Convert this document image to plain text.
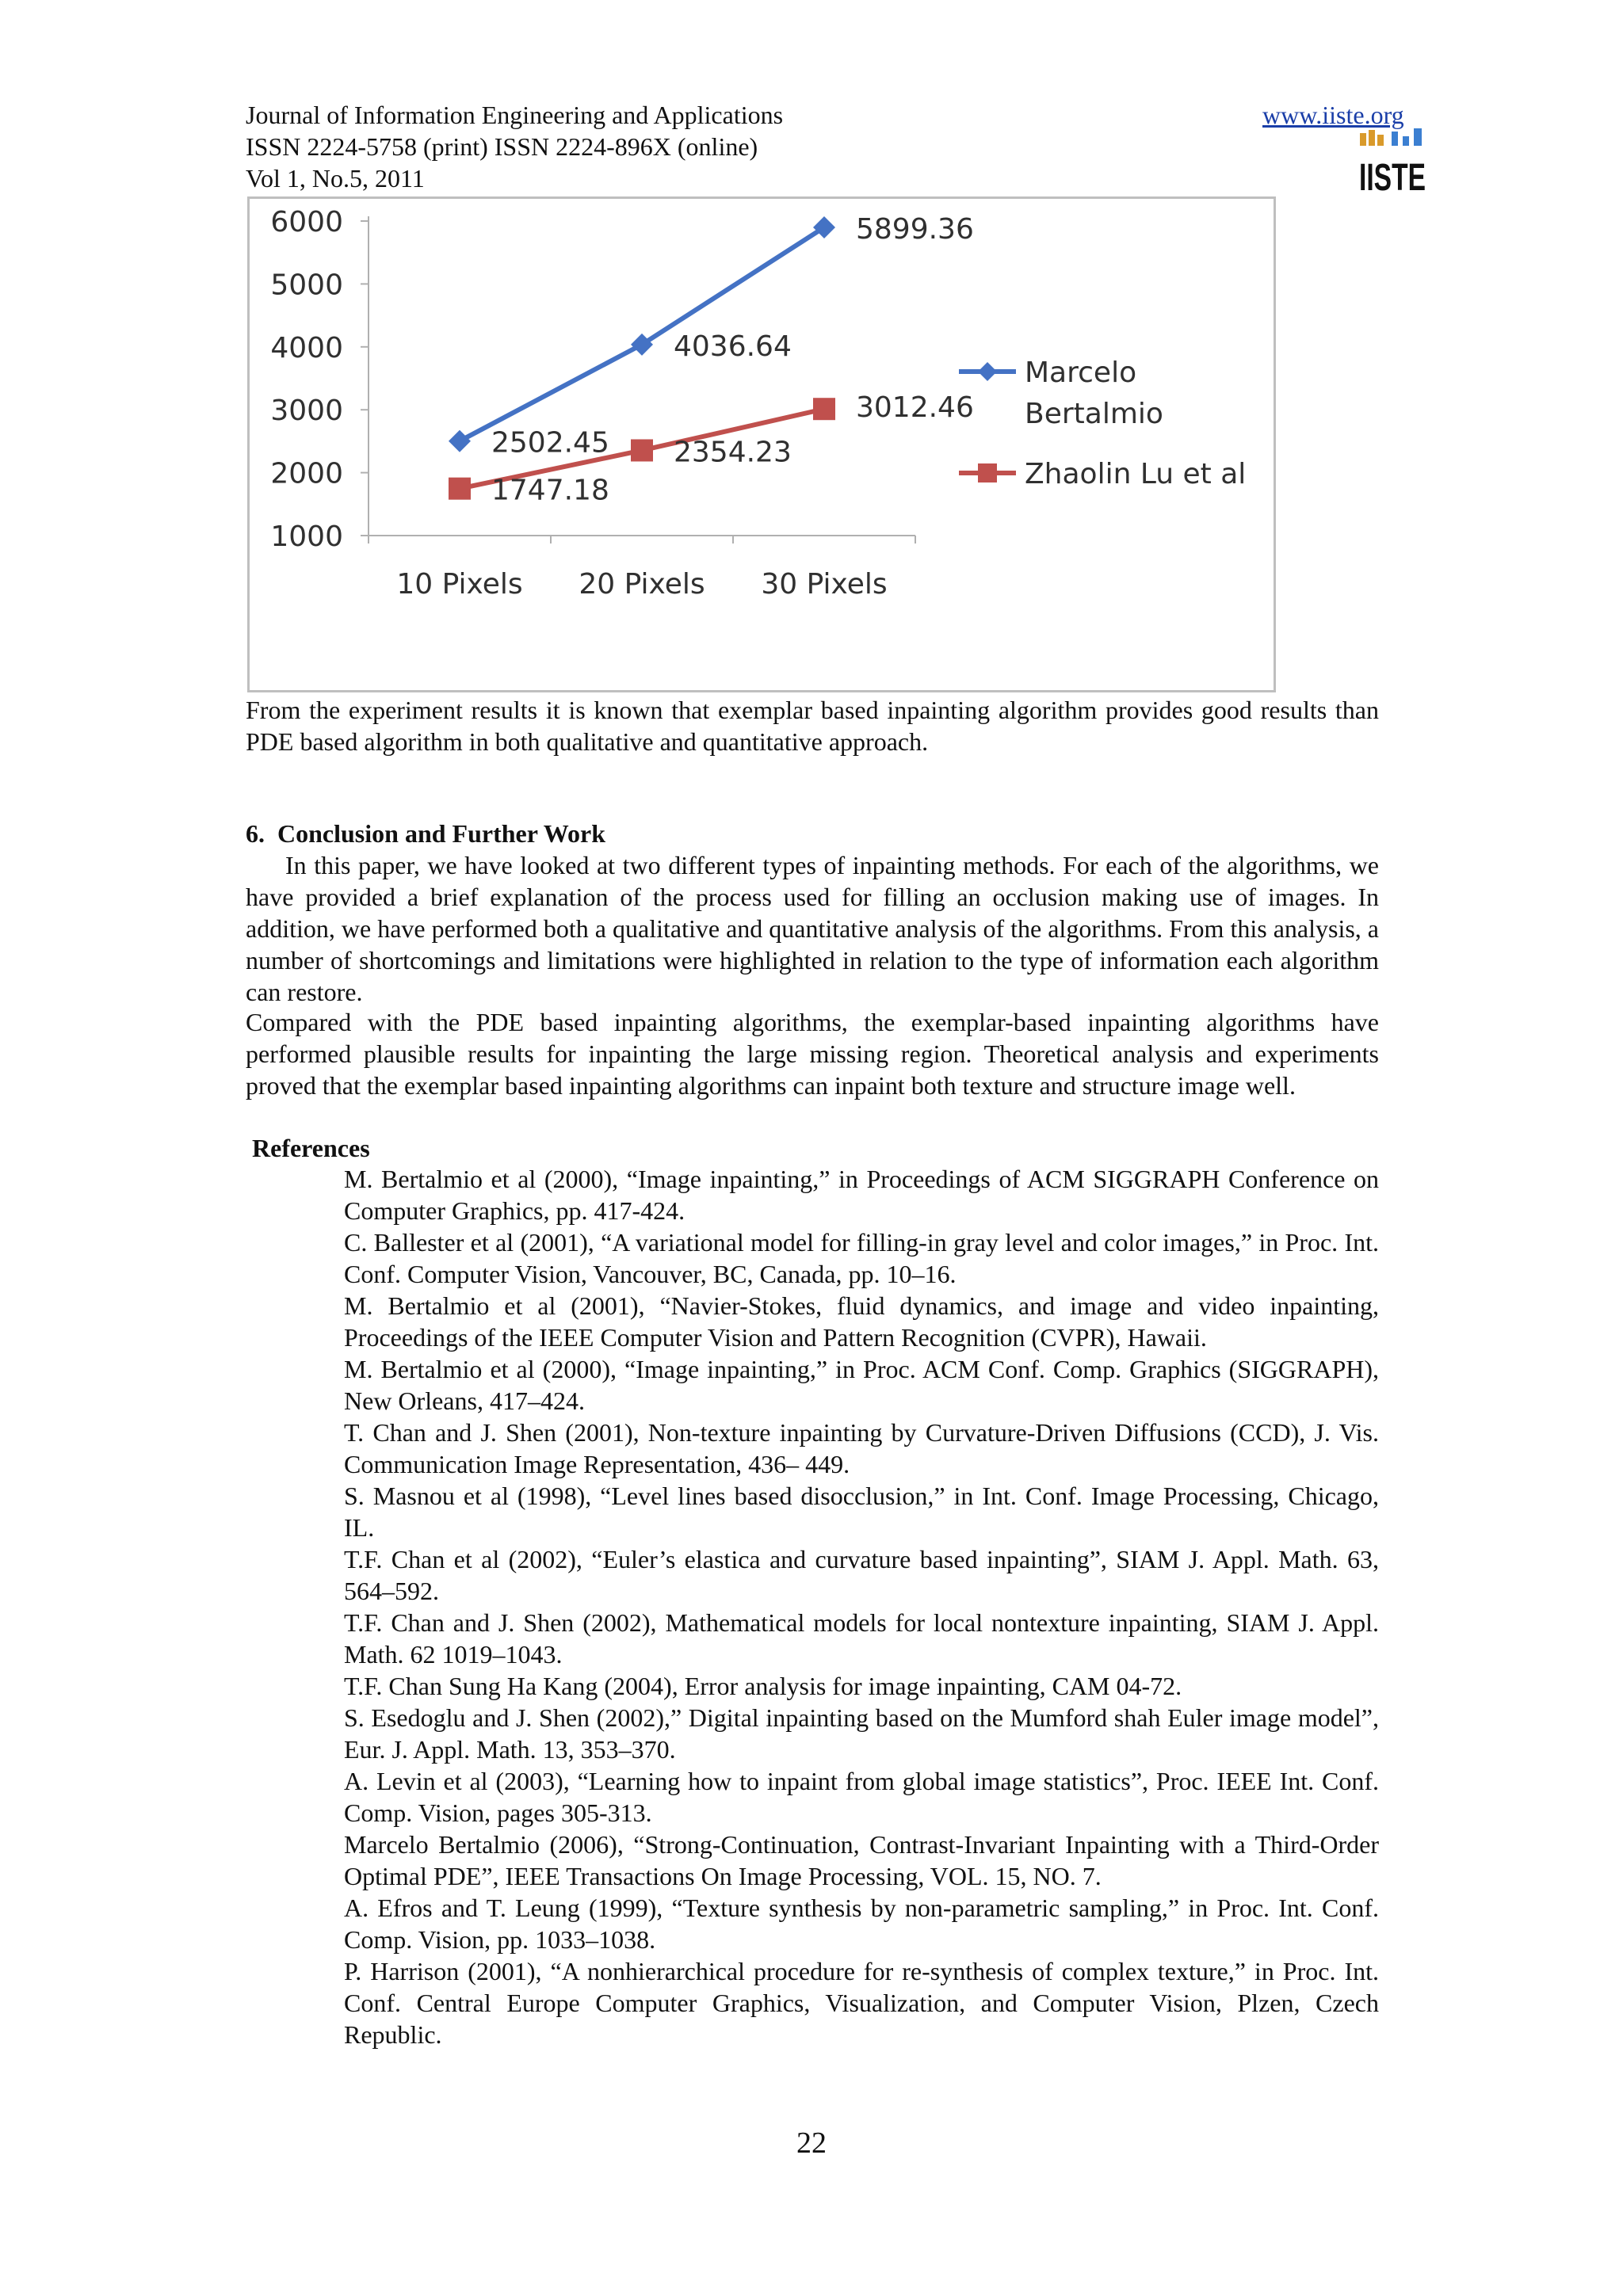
Journal of Information Engineering and Applications
ISSN 2224-5758 (print) ISSN 2224-896X (online)
Vol 1, No.5, 2011
www.iiste.org
IISTE
1000
2000
3000
4000
5000
6000
10 Pixels 20 Pixels 30 Pixels
2502.45
4036.64
5899.36
1747.18
2354.23
3012.46
Marcelo
Bertalmio
Zhaolin Lu et al

From the experiment results it is known that exemplar based inpainting algorithm provides good results than PDE based algorithm in both qualitative and quantitative approach.

6. Conclusion and Further Work

In this paper, we have looked at two different types of inpainting methods. For each of the algorithms, we have provided a brief explanation of the process used for filling an occlusion making use of images. In addition, we have performed both a qualitative and quantitative analysis of the algorithms. From this analysis, a number of shortcomings and limitations were highlighted in relation to the type of information each algorithm can restore.

Compared with the PDE based inpainting algorithms, the exemplar-based inpainting algorithms have performed plausible results for inpainting the large missing region. Theoretical analysis and experiments proved that the exemplar based inpainting algorithms can inpaint both texture and structure image well.

References
M. Bertalmio et al (2000), “Image inpainting,” in Proceedings of ACM SIGGRAPH Conference on Computer Graphics, pp. 417-424.
C. Ballester et al (2001), “A variational model for filling-in gray level and color images,” in Proc. Int. Conf. Computer Vision, Vancouver, BC, Canada, pp. 10–16.
M. Bertalmio et al (2001), “Navier-Stokes, fluid dynamics, and image and video inpainting, Proceedings of the IEEE Computer Vision and Pattern Recognition (CVPR), Hawaii.
M. Bertalmio et al (2000), “Image inpainting,” in Proc. ACM Conf. Comp. Graphics (SIGGRAPH), New Orleans, 417–424.
T. Chan and J. Shen (2001), Non-texture inpainting by Curvature-Driven Diffusions (CCD), J. Vis. Communication Image Representation, 436– 449.
S. Masnou et al (1998), “Level lines based disocclusion,” in Int. Conf. Image Processing, Chicago, IL.
T.F. Chan et al (2002), “Euler’s elastica and curvature based inpainting”, SIAM J. Appl. Math. 63, 564–592.
T.F. Chan and J. Shen (2002), Mathematical models for local nontexture inpainting, SIAM J. Appl. Math. 62 1019–1043.
T.F. Chan Sung Ha Kang (2004), Error analysis for image inpainting, CAM 04-72.
S. Esedoglu and J. Shen (2002),” Digital inpainting based on the Mumford shah Euler image model”, Eur. J. Appl. Math. 13, 353–370.
A. Levin et al (2003), “Learning how to inpaint from global image statistics”, Proc. IEEE Int. Conf. Comp. Vision, pages 305-313.
Marcelo Bertalmio (2006), “Strong-Continuation, Contrast-Invariant Inpainting with a Third-Order Optimal PDE”, IEEE Transactions On Image Processing, VOL. 15, NO. 7.
A. Efros and T. Leung (1999), “Texture synthesis by non-parametric sampling,” in Proc. Int. Conf. Comp. Vision, pp. 1033–1038.
P. Harrison (2001), “A nonhierarchical procedure for re-synthesis of complex texture,” in Proc. Int. Conf. Central Europe Computer Graphics, Visualization, and Computer Vision, Plzen, Czech Republic.
22
